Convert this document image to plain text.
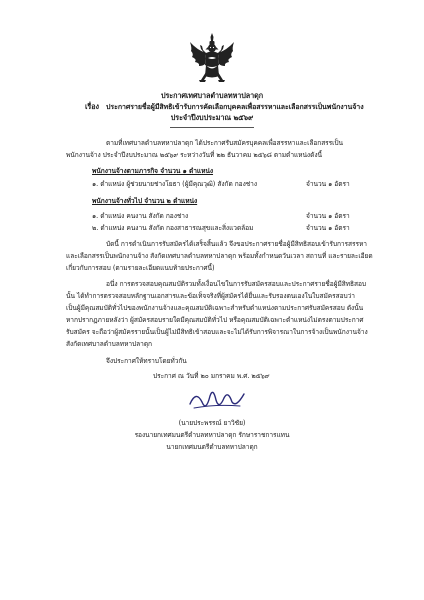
ประกาศเทศบาลตำบลทหาปลาดุก
เรื่อง ประกาศรายชื่อผู้มีสิทธิเข้ารับการคัดเลือกบุคคลเพื่อสรรหาและเลือกสรรเป็นพนักงานจ้าง
ประจำปีงบประมาณ ๒๕๖๙
ตามที่เทศบาลตำบลทหาปลาดุก ได้ประกาศรับสมัครบุคคลเพื่อสรรหาและเลือกสรรเป็น
พนักงานจ้าง ประจำปีงบประมาณ ๒๕๖๙ ระหว่างวันที่ ๒๒ ธันวาคม ๒๕๖๘ ตามตำแหน่งดังนี้
พนักงานจ้างตามภารกิจ จำนวน ๑ ตำแหน่ง
๑. ตำแหน่ง ผู้ช่วยนายช่างโยธา (ผู้มีคุณวุฒิ) สังกัด กองช่าง	จำนวน ๑ อัตรา
พนักงานจ้างทั่วไป จำนวน ๒ ตำแหน่ง
๑. ตำแหน่ง คนงาน สังกัด กองช่าง	จำนวน ๑ อัตรา
๒. ตำแหน่ง คนงาน สังกัด กองสาธารณสุขและสิ่งแวดล้อม	จำนวน ๑ อัตรา
บัดนี้ การดำเนินการรับสมัครได้เสร็จสิ้นแล้ว จึงขอประกาศรายชื่อผู้มีสิทธิสอบเข้ารับการสรรหา
และเลือกสรรเป็นพนักงานจ้าง สังกัดเทศบาลตำบลทหาปลาดุก พร้อมทั้งกำหนดวันเวลา สถานที่ และรายละเอียด
เกี่ยวกับการสอบ (ตามรายละเอียดแนบท้ายประกาศนี้)
อนึ่ง การตรวจสอบคุณสมบัติรวมทั้งเงื่อนไขในการรับสมัครสอบและประกาศรายชื่อผู้มีสิทธิสอบ
นั้น ได้ทำการตรวจสอบหลักฐานเอกสารและข้อเท็จจริงที่ผู้สมัครได้ยื่นและรับรองตนเองในใบสมัครสอบว่า
เป็นผู้มีคุณสมบัติทั่วไปของพนักงานจ้างและคุณสมบัติเฉพาะสำหรับตำแหน่งตามประกาศรับสมัครสอบ ดังนั้น
หากปรากฏภายหลังว่า ผู้สมัครสอบรายใดมีคุณสมบัติทั่วไป หรือคุณสมบัติเฉพาะตำแหน่งไม่ตรงตามประกาศ
รับสมัคร จะถือว่าผู้สมัครรายนั้นเป็นผู้ไม่มีสิทธิเข้าสอบและจะไม่ได้รับการพิจารณาในการจ้างเป็นพนักงานจ้าง
สังกัดเทศบาลตำบลทหาปลาดุก
จึงประกาศให้ทราบโดยทั่วกัน
ประกาศ ณ วันที่ ๒๐ มกราคม พ.ศ. ๒๕๖๙
(นายประพรรณ์ ยาวิชัย)
รองนายกเทศมนตรีตำบลทหาปลาดุก รักษาราชการแทน
นายกเทศมนตรีตำบลทหาปลาดุก
